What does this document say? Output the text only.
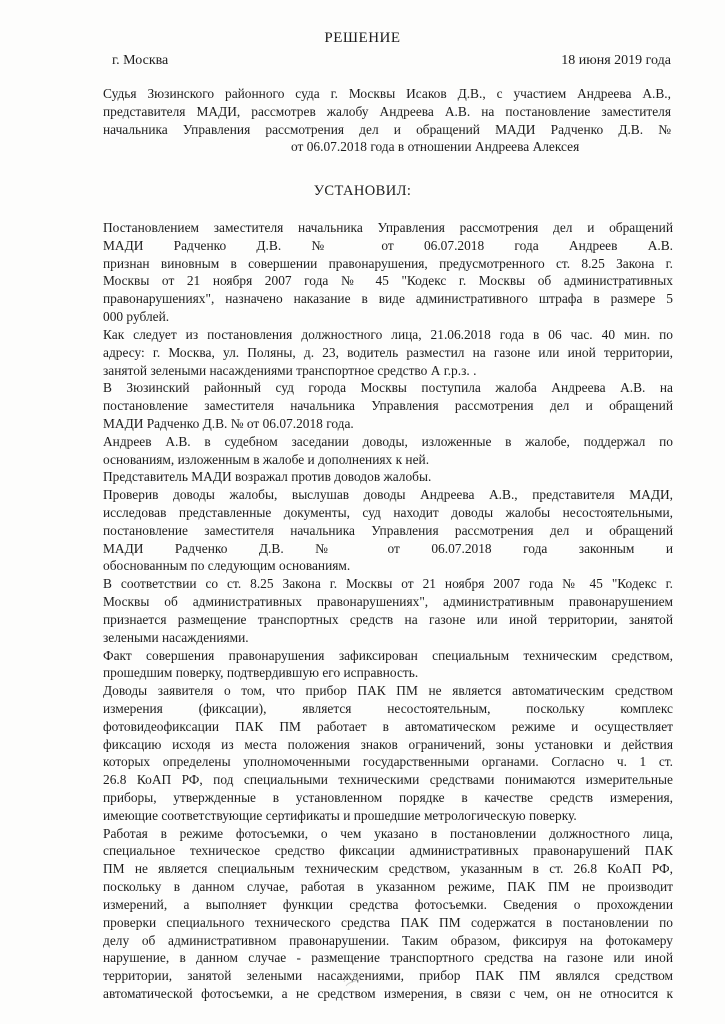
РЕШЕНИЕ
г. Москва	18 июня 2019 года
Судья Зюзинского районного суда г. Москвы Исаков Д.В., с участием Андреева А.В.,
представителя МАДИ, рассмотрев жалобу Андреева А.В. на постановление заместителя
начальника Управления рассмотрения дел и обращений МАДИ Радченко Д.В. №
от 06.07.2018 года в отношении Андреева Алексея
УСТАНОВИЛ:
Постановлением заместителя начальника Управления рассмотрения дел и обращений
МАДИ Радченко Д.В. № от 06.07.2018 года Андреев А.В.
признан виновным в совершении правонарушения, предусмотренного ст. 8.25 Закона г.
Москвы от 21 ноября 2007 года № 45 "Кодекс г. Москвы об административных
правонарушениях", назначено наказание в виде административного штрафа в размере 5
000 рублей.
Как следует из постановления должностного лица, 21.06.2018 года в 06 час. 40 мин. по
адресу: г. Москва, ул. Поляны, д. 23, водитель разместил на газоне или иной территории,
занятой зелеными насаждениями транспортное средство А г.р.з. .
В Зюзинский районный суд города Москвы поступила жалоба Андреева А.В. на
постановление заместителя начальника Управления рассмотрения дел и обращений
МАДИ Радченко Д.В. № от 06.07.2018 года.
Андреев А.В. в судебном заседании доводы, изложенные в жалобе, поддержал по
основаниям, изложенным в жалобе и дополнениях к ней.
Представитель МАДИ возражал против доводов жалобы.
Проверив доводы жалобы, выслушав доводы Андреева А.В., представителя МАДИ,
исследовав представленные документы, суд находит доводы жалобы несостоятельными,
постановление заместителя начальника Управления рассмотрения дел и обращений
МАДИ Радченко Д.В. № от 06.07.2018 года законным и
обоснованным по следующим основаниям.
В соответствии со ст. 8.25 Закона г. Москвы от 21 ноября 2007 года № 45 "Кодекс г.
Москвы об административных правонарушениях", административным правонарушением
признается размещение транспортных средств на газоне или иной территории, занятой
зелеными насаждениями.
Факт совершения правонарушения зафиксирован специальным техническим средством,
прошедшим поверку, подтвердившую его исправность.
Доводы заявителя о том, что прибор ПАК ПМ не является автоматическим средством
измерения (фиксации), является несостоятельным, поскольку комплекс
фотовидеофиксации ПАК ПМ работает в автоматическом режиме и осуществляет
фиксацию исходя из места положения знаков ограничений, зоны установки и действия
которых определены уполномоченными государственными органами. Согласно ч. 1 ст.
26.8 КоАП РФ, под специальными техническими средствами понимаются измерительные
приборы, утвержденные в установленном порядке в качестве средств измерения,
имеющие соответствующие сертификаты и прошедшие метрологическую поверку.
Работая в режиме фотосъемки, о чем указано в постановлении должностного лица,
специальное техническое средство фиксации административных правонарушений ПАК
ПМ не является специальным техническим средством, указанным в ст. 26.8 КоАП РФ,
поскольку в данном случае, работая в указанном режиме, ПАК ПМ не производит
измерений, а выполняет функции средства фотосъемки. Сведения о прохождении
проверки специального технического средства ПАК ПМ содержатся в постановлении по
делу об административном правонарушении. Таким образом, фиксируя на фотокамеру
нарушение, в данном случае - размещение транспортного средства на газоне или иной
территории, занятой зелеными насаждениями, прибор ПАК ПМ являлся средством
автоматической фотосъемки, а не средством измерения, в связи с чем, он не относится к
